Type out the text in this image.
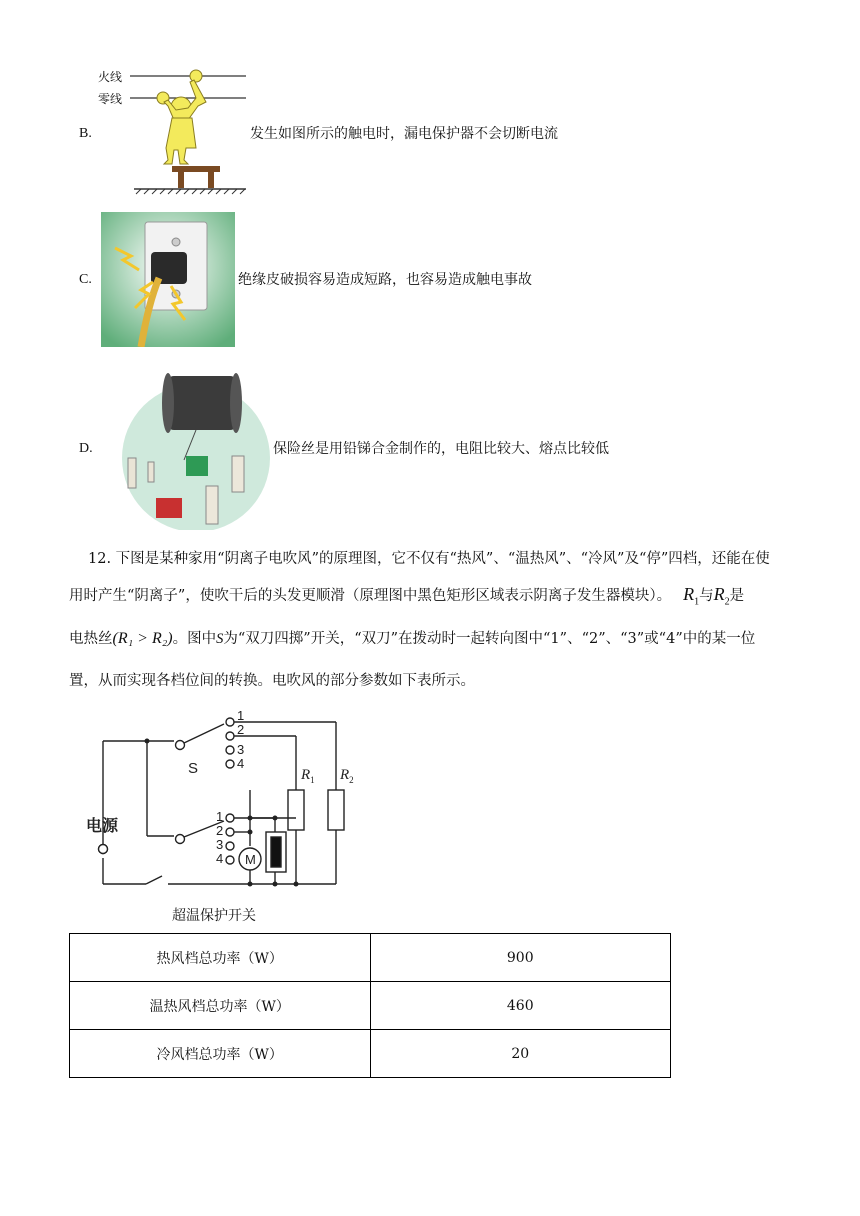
B.
火线
零线
发生如图所示的触电时，漏电保护器不会切断电流
C.	绝缘皮破损容易造成短路，也容易造成触电事故
D.	保险丝是用铅锑合金制作的，电阻比较大、熔点比较低
12. 下图是某种家用“阴离子电吹风”的原理图，它不仅有“热风”、“温热风”、“冷风”及“停”四档，还能在使
用时产生“阴离子”，使吹干后的头发更顺滑（原理图中黑色矩形区域表示阴离子发生器模块）。 $R_1$与$R_2$是
电热丝(R₁ > R₂)。图中S为“双刀四掷”开关，“双刀”在拨动时一起转向图中“1”、“2”、“3”或“4”中的某一位
置，从而实现各档位间的转换。电吹风的部分参数如下表所示。
电源
S
M
1
2
3
4
1
2
3
4
$R_1$ $R_2$
超温保护开关
热风档总功率（W）	900
温热风档总功率（W）	460
冷风档总功率（W）	20
